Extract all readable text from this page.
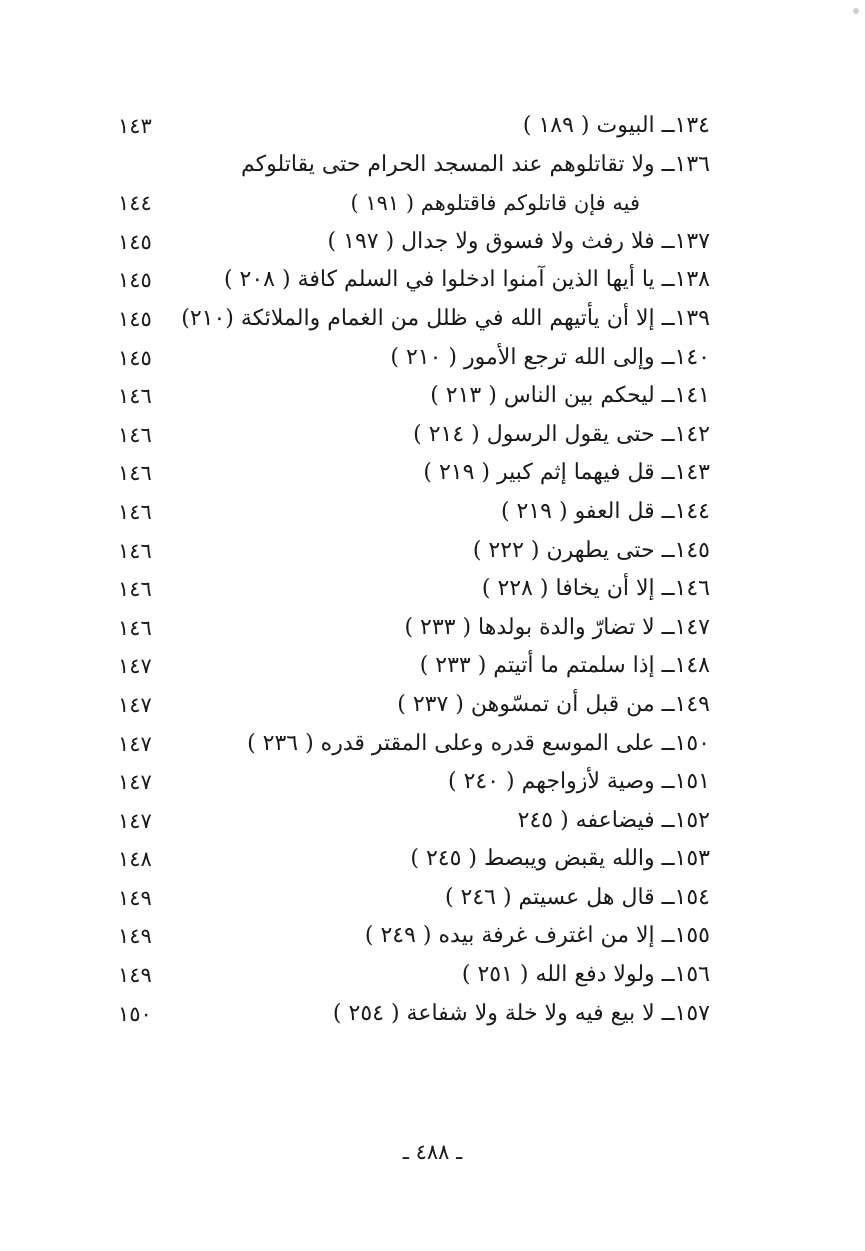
١٤٣	١٣٤ــ البيوت ( ١٨٩ )
١٣٦ــ ولا تقاتلوهم عند المسجد الحرام حتى يقاتلوكم
١٤٤	فيه فإن قاتلوكم فاقتلوهم ( ١٩١ )
١٤٥	١٣٧ــ فلا رفث ولا فسوق ولا جدال ( ١٩٧ )
١٤٥	١٣٨ــ يا أيها الذين آمنوا ادخلوا في السلم كافة ( ٢٠٨ )
١٤٥	١٣٩ــ إلا أن يأتيهم الله في ظلل من الغمام والملائكة (٢١٠)
١٤٥	١٤٠ــ وإلى الله ترجع الأمور ( ٢١٠ )
١٤٦	١٤١ــ ليحكم بين الناس ( ٢١٣ )
١٤٦	١٤٢ــ حتى يقول الرسول ( ٢١٤ )
١٤٦	١٤٣ــ قل فيهما إثم كبير ( ٢١٩ )
١٤٦	١٤٤ــ قل العفو ( ٢١٩ )
١٤٦	١٤٥ــ حتى يطهرن ( ٢٢٢ )
١٤٦	١٤٦ــ إلا أن يخافا ( ٢٢٨ )
١٤٦	١٤٧ــ لا تضارّ والدة بولدها ( ٢٣٣ )
١٤٧	١٤٨ــ إذا سلمتم ما أتيتم ( ٢٣٣ )
١٤٧	١٤٩ــ من قبل أن تمسّوهن ( ٢٣٧ )
١٤٧	١٥٠ــ على الموسع قدره وعلى المقتر قدره ( ٢٣٦ )
١٤٧	١٥١ــ وصية لأزواجهم ( ٢٤٠ )
١٤٧	١٥٢ــ فيضاعفه ( ٢٤٥
١٤٨	١٥٣ــ والله يقبض ويبصط ( ٢٤٥ )
١٤٩	١٥٤ــ قال هل عسيتم ( ٢٤٦ )
١٤٩	١٥٥ــ إلا من اغترف غرفة بيده ( ٢٤٩ )
١٤٩	١٥٦ــ ولولا دفع الله ( ٢٥١ )
١٥٠	١٥٧ــ لا بيع فيه ولا خلة ولا شفاعة ( ٢٥٤ )
ـ ٤٨٨ ـ
